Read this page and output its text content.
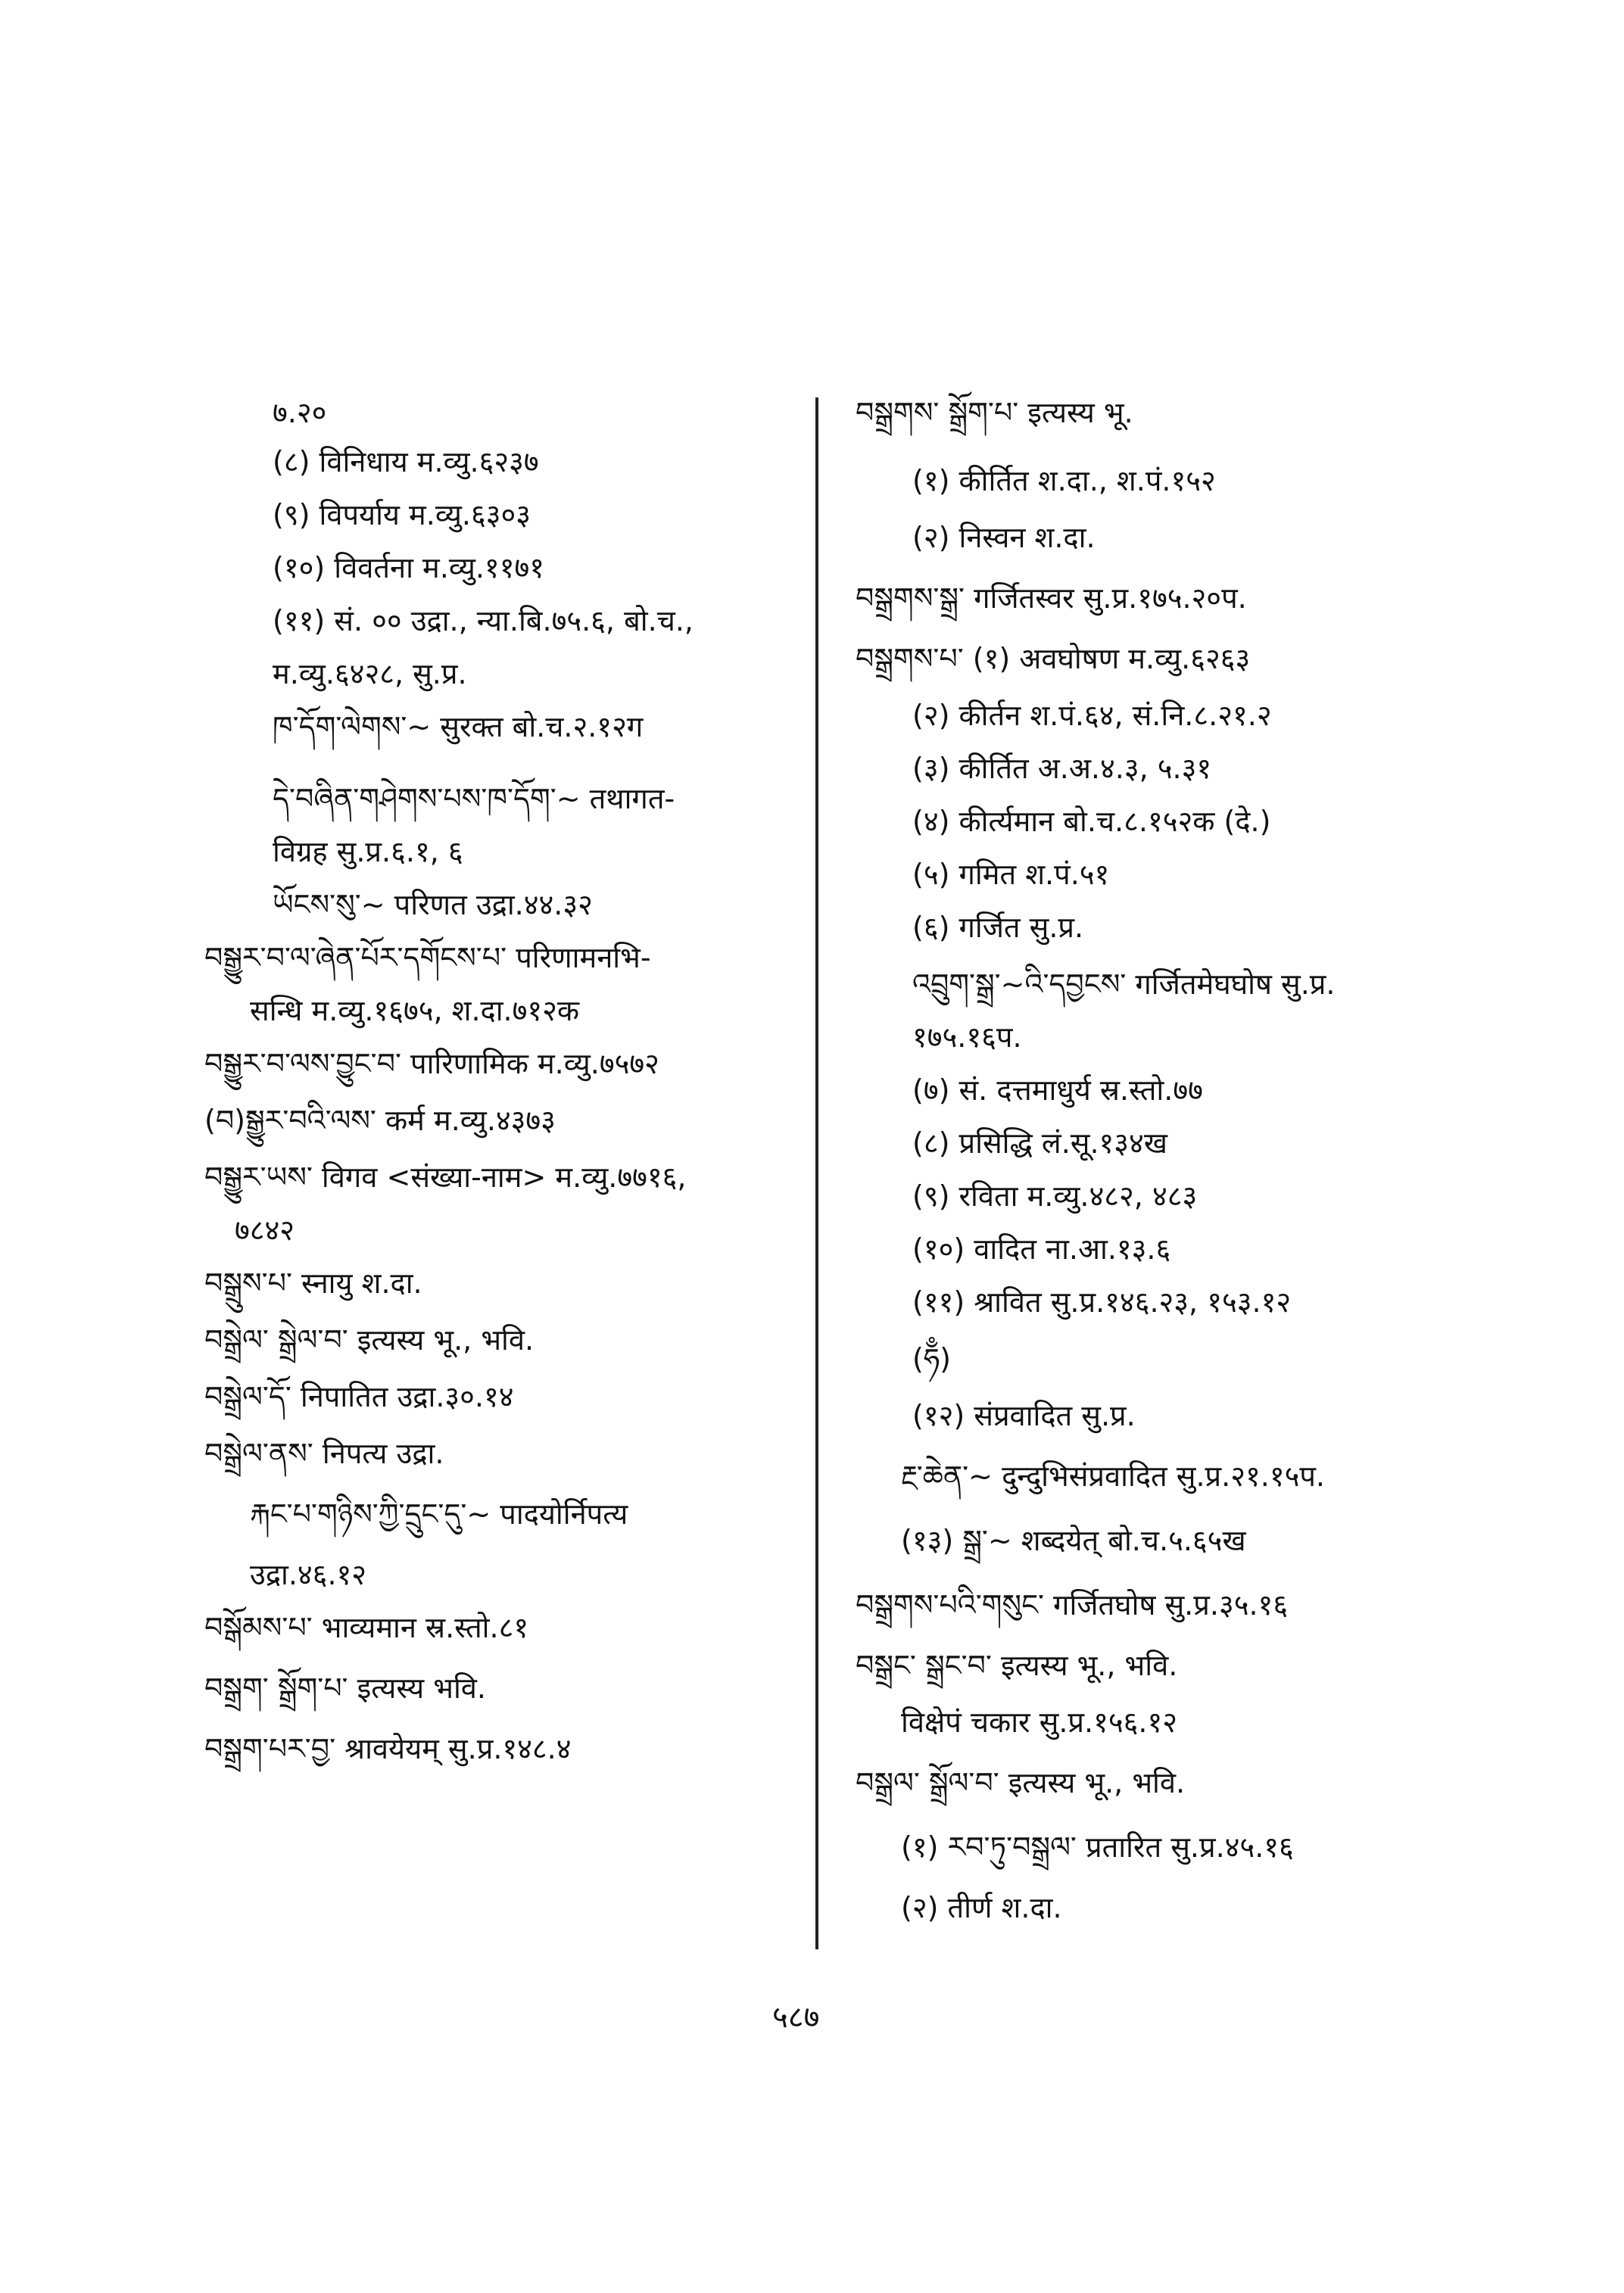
७.२०
(८) विनिधाय म.व्यु.६२३७
(९) विपर्याय म.व्यु.६३०३
(१०) विवर्तना म.व्यु.११७१
(११) सं. ०० उद्रा., न्या.बि.७५.६, बो.च.,
म.व्यु.६४२८, सु.प्र.
ཁ་དོག་ལེགས་~ सुरक्त बो.च.२.१२ग
དེ་བཞིན་གཤེགས་པས་ཁ་དོག་~ तथागत-
विग्रह सु.प्र.६.१, ६
ཡོངས་སུ་~ परिणत उद्रा.४४.३२
བསྒྱུར་བ་ལ་ཞེན་པོར་དགོངས་པ་ परिणामनभि-
सन्धि म.व्यु.१६७५, श.दा.७१२क
བསྒྱུར་བ་ལས་བྱུང་བ་ पारिणामिक म.व्यु.७५७२
(བ)སྒྱུར་བའི་ལས་ कर्म म.व्यु.४३७३
བསྒྱུར་ཡས་ विगव <संख्या-नाम> म.व्यु.७७१६,
७८४२
བསྒྲུས་པ་ स्नायु श.दा.
བསྒྲེལ་ སྒྲེལ་བ་ इत्यस्य भू., भवि.
བསྒྲེལ་དོ་ निपातित उद्रा.३०.१४
བསྒྲེལ་ནས་ निपत्य उद्रा.
རྐང་པ་གཉིས་ཀྱི་དྲུང་དུ་~ पादयोर्निपत्य
उद्रा.४६.१२
བསྒོམས་པ་ भाव्यमान स्र.स्तो.८१
བསྒྲག་ སྒྲོག་པ་ इत्यस्य भवि.
བསྒྲག་པར་བྱ་ श्रावयेयम् सु.प्र.१४८.४
བསྒྲགས་ སྒྲོག་པ་ इत्यस्य भू.
(१) कीर्तित श.दा., श.पं.१५२
(२) निस्वन श.दा.
བསྒྲགས་སྒྲ་ गर्जितस्वर सु.प्र.१७५.२०प.
བསྒྲགས་པ་ (१) अवघोषण म.व्यु.६२६३
(२) कीर्तन श.पं.६४, सं.नि.८.२१.२
(३) कीर्तित अ.अ.४.३, ५.३१
(४) कीर्त्यमान बो.च.८.१५२क (दे.)
(५) गमित श.पं.५१
(६) गर्जित सु.प्र.
འབྲུག་སྒྲ་~འི་དབྱངས་ गर्जितमेघघोष सु.प्र.
१७५.१६प.
(७) सं. दत्तमाधुर्य स्र.स्तो.७७
(८) प्रसिद्धि लं.सू.१३४ख
(९) रविता म.व्यु.४८२, ४८३
(१०) वादित ना.आ.१३.६
(११) श्रावित सु.प्र.१४६.२३, १५३.१२
(ཧྃ)
(१२) संप्रवादित सु.प्र.
རྔ་ཆེན་~ दुन्दुभिसंप्रवादित सु.प्र.२१.१५प.
(१३) སྒྲ་~ शब्दयेत् बो.च.५.६५ख
བསྒྲགས་པའི་གསུང་ गर्जितघोष सु.प्र.३५.१६
བསྒྲང་ སྒྲང་བ་ इत्यस्य भू., भवि.
विक्षेपं चकार सु.प्र.१५६.१२
བསྒྲལ་ སྒྲོལ་བ་ इत्यस्य भू., भवि.
(१) རབ་ཏུ་བསྒྲལ་ प्रतारित सु.प्र.४५.१६
(२) तीर्ण श.दा.
५८७
